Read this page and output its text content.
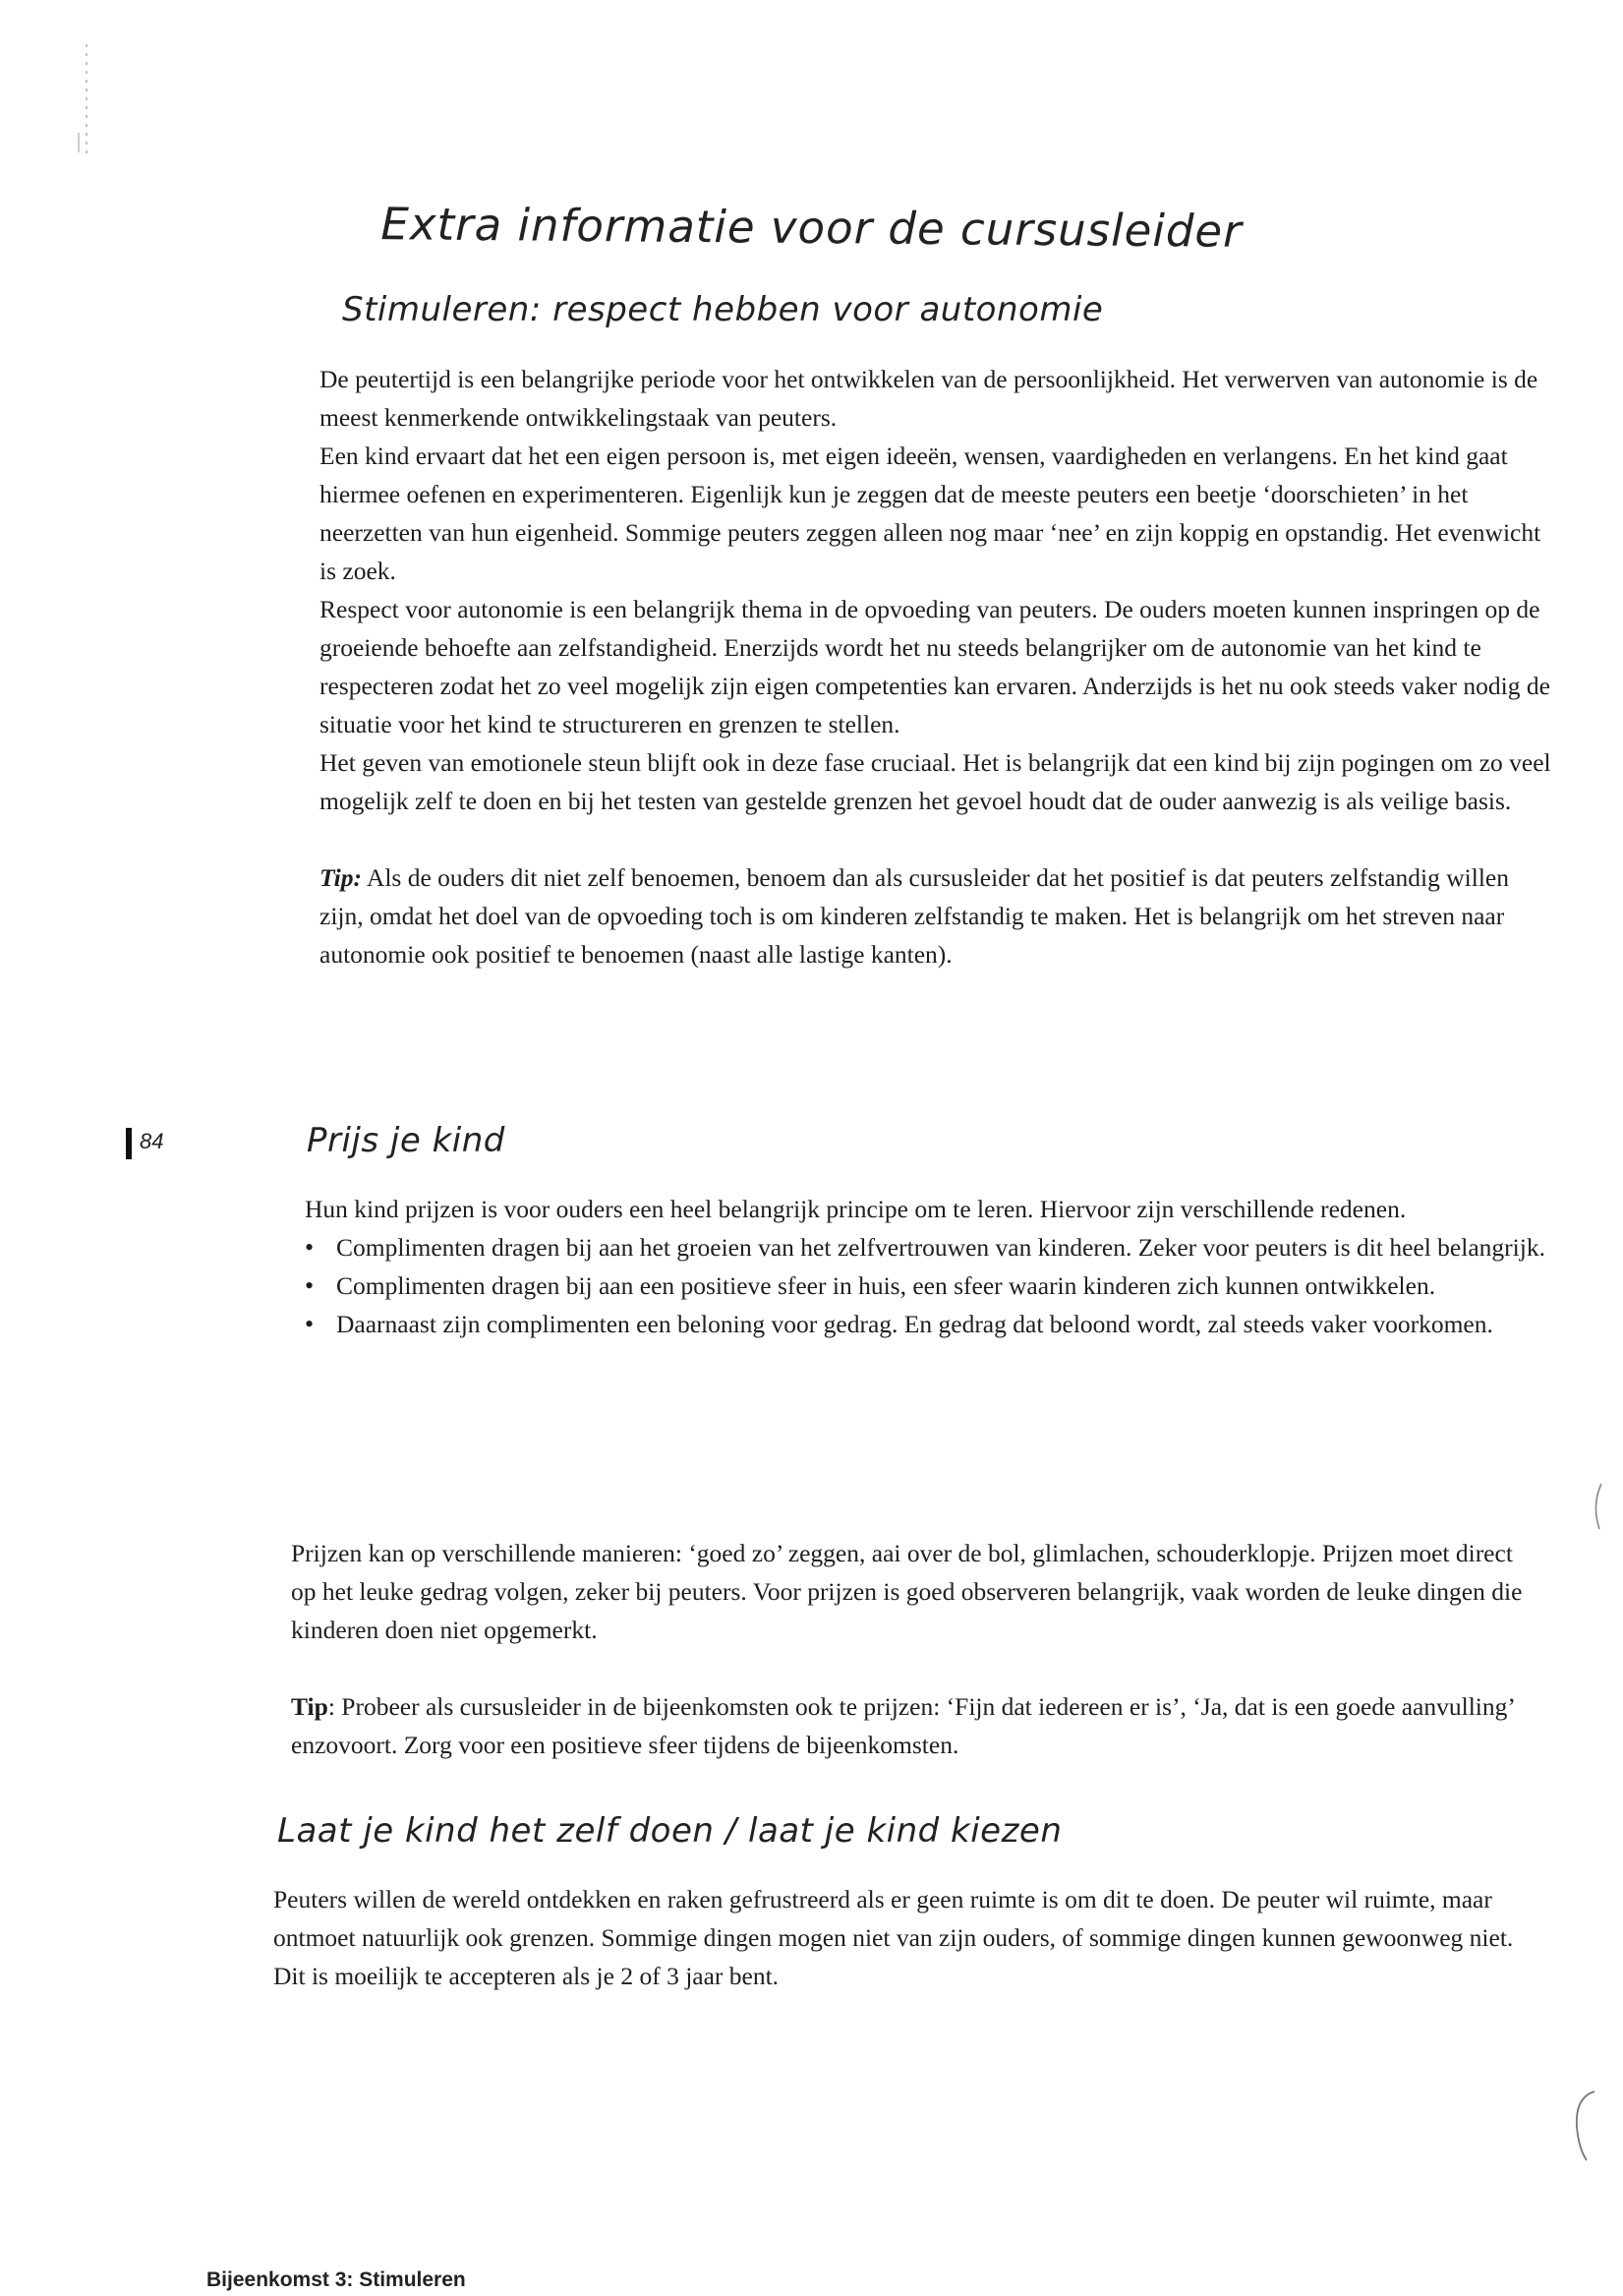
Extra informatie voor de cursusleider
Stimuleren: respect hebben voor autonomie

De peutertijd is een belangrijke periode voor het ontwikkelen van de persoonlijkheid. Het verwerven van autonomie is de meest kenmerkende ontwikkelingstaak van peuters.

Een kind ervaart dat het een eigen persoon is, met eigen ideeën, wensen, vaardigheden en verlangens. En het kind gaat hiermee oefenen en experimenteren. Eigenlijk kun je zeggen dat de meeste peuters een beetje ‘doorschieten’ in het neerzetten van hun eigenheid. Sommige peuters zeggen alleen nog maar ‘nee’ en zijn koppig en opstandig. Het evenwicht is zoek.

Respect voor autonomie is een belangrijk thema in de opvoeding van peuters. De ouders moeten kunnen inspringen op de groeiende behoefte aan zelfstandigheid. Enerzijds wordt het nu steeds belangrijker om de autonomie van het kind te respecteren zodat het zo veel mogelijk zijn eigen competenties kan ervaren. Anderzijds is het nu ook steeds vaker nodig de situatie voor het kind te structureren en grenzen te stellen.

Het geven van emotionele steun blijft ook in deze fase cruciaal. Het is belangrijk dat een kind bij zijn pogingen om zo veel mogelijk zelf te doen en bij het testen van gestelde grenzen het gevoel houdt dat de ouder aanwezig is als veilige basis.

Tip: Als de ouders dit niet zelf benoemen, benoem dan als cursusleider dat het positief is dat peuters zelfstandig willen zijn, omdat het doel van de opvoeding toch is om kinderen zelfstandig te maken. Het is belangrijk om het streven naar autonomie ook positief te benoemen (naast alle lastige kanten).

84	Prijs je kind

Hun kind prijzen is voor ouders een heel belangrijk principe om te leren. Hiervoor zijn verschillende redenen.

• Complimenten dragen bij aan het groeien van het zelfvertrouwen van kinderen. Zeker voor peuters is dit heel belangrijk.
• Complimenten dragen bij aan een positieve sfeer in huis, een sfeer waarin kinderen zich kunnen ontwikkelen.
• Daarnaast zijn complimenten een beloning voor gedrag. En gedrag dat beloond wordt, zal steeds vaker voorkomen.

Prijzen kan op verschillende manieren: ‘goed zo’ zeggen, aai over de bol, glimlachen, schouderklopje. Prijzen moet direct op het leuke gedrag volgen, zeker bij peuters. Voor prijzen is goed observeren belangrijk, vaak worden de leuke dingen die kinderen doen niet opgemerkt.

Tip: Probeer als cursusleider in de bijeenkomsten ook te prijzen: ‘Fijn dat iedereen er is’, ‘Ja, dat is een goede aanvulling’ enzovoort. Zorg voor een positieve sfeer tijdens de bijeenkomsten.

Laat je kind het zelf doen / laat je kind kiezen

Peuters willen de wereld ontdekken en raken gefrustreerd als er geen ruimte is om dit te doen. De peuter wil ruimte, maar ontmoet natuurlijk ook grenzen. Sommige dingen mogen niet van zijn ouders, of sommige dingen kunnen gewoonweg niet. Dit is moeilijk te accepteren als je 2 of 3 jaar bent.

Bijeenkomst 3: Stimuleren
